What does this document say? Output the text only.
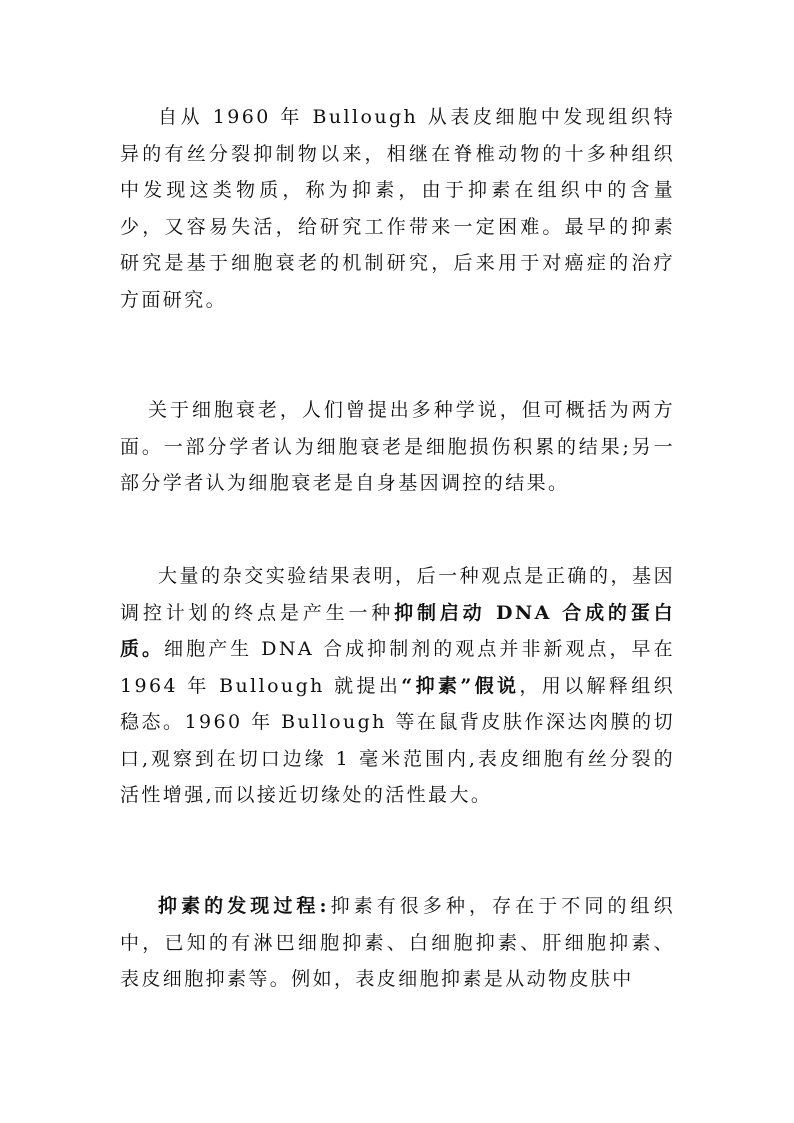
自从 1960 年 Bullough 从表皮细胞中发现组织特异的有丝分裂抑制物以来，相继在脊椎动物的十多种组织中发现这类物质，称为抑素，由于抑素在组织中的含量少，又容易失活，给研究工作带来一定困难。最早的抑素研究是基于细胞衰老的机制研究，后来用于对癌症的治疗方面研究。

关于细胞衰老，人们曾提出多种学说，但可概括为两方面。一部分学者认为细胞衰老是细胞损伤积累的结果;另一部分学者认为细胞衰老是自身基因调控的结果。

大量的杂交实验结果表明，后一种观点是正确的，基因调控计划的终点是产生一种抑制启动 DNA 合成的蛋白质。细胞产生 DNA 合成抑制剂的观点并非新观点，早在 1964 年 Bullough 就提出“抑素”假说，用以解释组织稳态。1960 年 Bullough 等在鼠背皮肤作深达肉膜的切口,观察到在切口边缘 1 毫米范围内,表皮细胞有丝分裂的活性增强,而以接近切缘处的活性最大。

抑素的发现过程:抑素有很多种，存在于不同的组织中，已知的有淋巴细胞抑素、白细胞抑素、肝细胞抑素、表皮细胞抑素等。例如，表皮细胞抑素是从动物皮肤中
